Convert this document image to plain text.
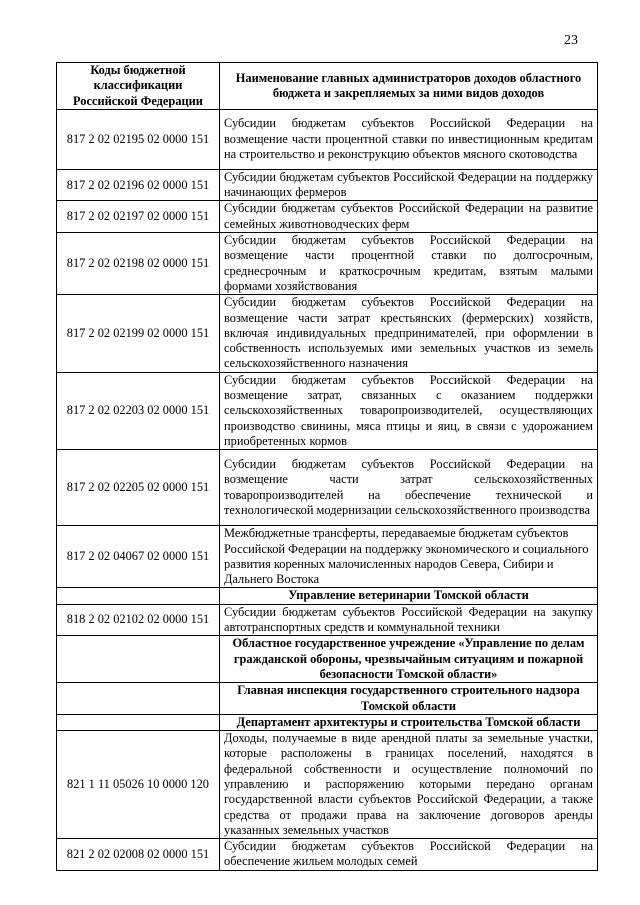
23
Коды бюджетной классификации Российской Федерации	Наименование главных администраторов доходов областного бюджета и закрепляемых за ними видов доходов
817 2 02 02195 02 0000 151	Субсидии бюджетам субъектов Российской Федерации на возмещение части процентной ставки по инвестиционным кредитам на строительство и реконструкцию объектов мясного скотоводства
817 2 02 02196 02 0000 151	Субсидии бюджетам субъектов Российской Федерации на поддержку начинающих фермеров
817 2 02 02197 02 0000 151	Субсидии бюджетам субъектов Российской Федерации на развитие семейных животноводческих ферм
817 2 02 02198 02 0000 151	Субсидии бюджетам субъектов Российской Федерации на возмещение части процентной ставки по долгосрочным, среднесрочным и краткосрочным кредитам, взятым малыми формами хозяйствования
817 2 02 02199 02 0000 151	Субсидии бюджетам субъектов Российской Федерации на возмещение части затрат крестьянских (фермерских) хозяйств, включая индивидуальных предпринимателей, при оформлении в собственность используемых ими земельных участков из земель сельскохозяйственного назначения
817 2 02 02203 02 0000 151	Субсидии бюджетам субъектов Российской Федерации на возмещение затрат, связанных с оказанием поддержки сельскохозяйственных товаропроизводителей, осуществляющих производство свинины, мяса птицы и яиц, в связи с удорожанием приобретенных кормов
817 2 02 02205 02 0000 151	Субсидии бюджетам субъектов Российской Федерации на возмещение части затрат сельскохозяйственных товаропроизводителей на обеспечение технической и технологической модернизации сельскохозяйственного производства
817 2 02 04067 02 0000 151	Межбюджетные трансферты, передаваемые бюджетам субъектов Российской Федерации на поддержку экономического и социального развития коренных малочисленных народов Севера, Сибири и Дальнего Востока
	Управление ветеринарии Томской области
818 2 02 02102 02 0000 151	Субсидии бюджетам субъектов Российской Федерации на закупку автотранспортных средств и коммунальной техники
	Областное государственное учреждение «Управление по делам гражданской обороны, чрезвычайным ситуациям и пожарной безопасности Томской области»
	Главная инспекция государственного строительного надзора Томской области
	Департамент архитектуры и строительства Томской области
821 1 11 05026 10 0000 120	Доходы, получаемые в виде арендной платы за земельные участки, которые расположены в границах поселений, находятся в федеральной собственности и осуществление полномочий по управлению и распоряжению которыми передано органам государственной власти субъектов Российской Федерации, а также средства от продажи права на заключение договоров аренды указанных земельных участков
821 2 02 02008 02 0000 151	Субсидии бюджетам субъектов Российской Федерации на обеспечение жильем молодых семей
